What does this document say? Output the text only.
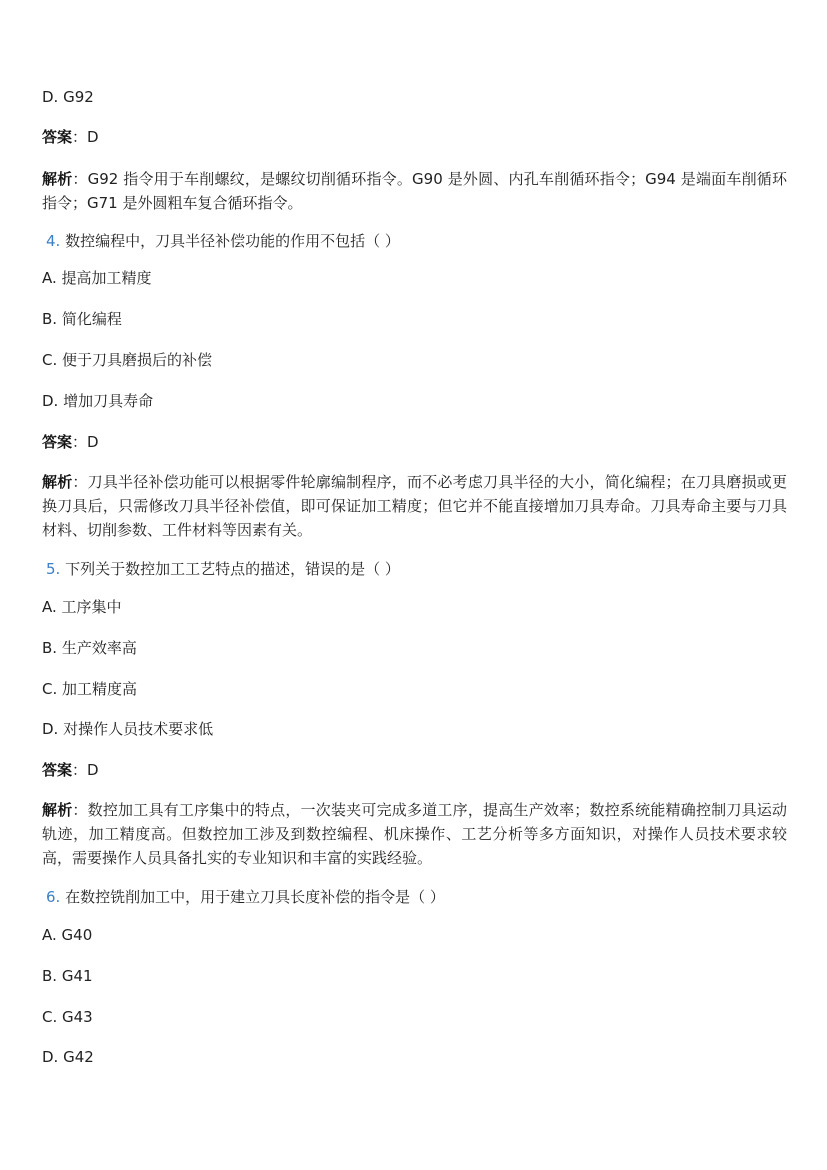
D. G92
答案：D
解析：G92 指令用于车削螺纹，是螺纹切削循环指令。G90 是外圆、内孔车削循环指令；G94 是端面车削循环指令；G71 是外圆粗车复合循环指令。
4. 数控编程中，刀具半径补偿功能的作用不包括（ ）
A. 提高加工精度
B. 简化编程
C. 便于刀具磨损后的补偿
D. 增加刀具寿命
答案：D
解析：刀具半径补偿功能可以根据零件轮廓编制程序，而不必考虑刀具半径的大小，简化编程；在刀具磨损或更换刀具后，只需修改刀具半径补偿值，即可保证加工精度；但它并不能直接增加刀具寿命。刀具寿命主要与刀具材料、切削参数、工件材料等因素有关。
5. 下列关于数控加工工艺特点的描述，错误的是（ ）
A. 工序集中
B. 生产效率高
C. 加工精度高
D. 对操作人员技术要求低
答案：D
解析：数控加工具有工序集中的特点，一次装夹可完成多道工序，提高生产效率；数控系统能精确控制刀具运动轨迹，加工精度高。但数控加工涉及到数控编程、机床操作、工艺分析等多方面知识，对操作人员技术要求较高，需要操作人员具备扎实的专业知识和丰富的实践经验。
6. 在数控铣削加工中，用于建立刀具长度补偿的指令是（ ）
A. G40
B. G41
C. G43
D. G42
